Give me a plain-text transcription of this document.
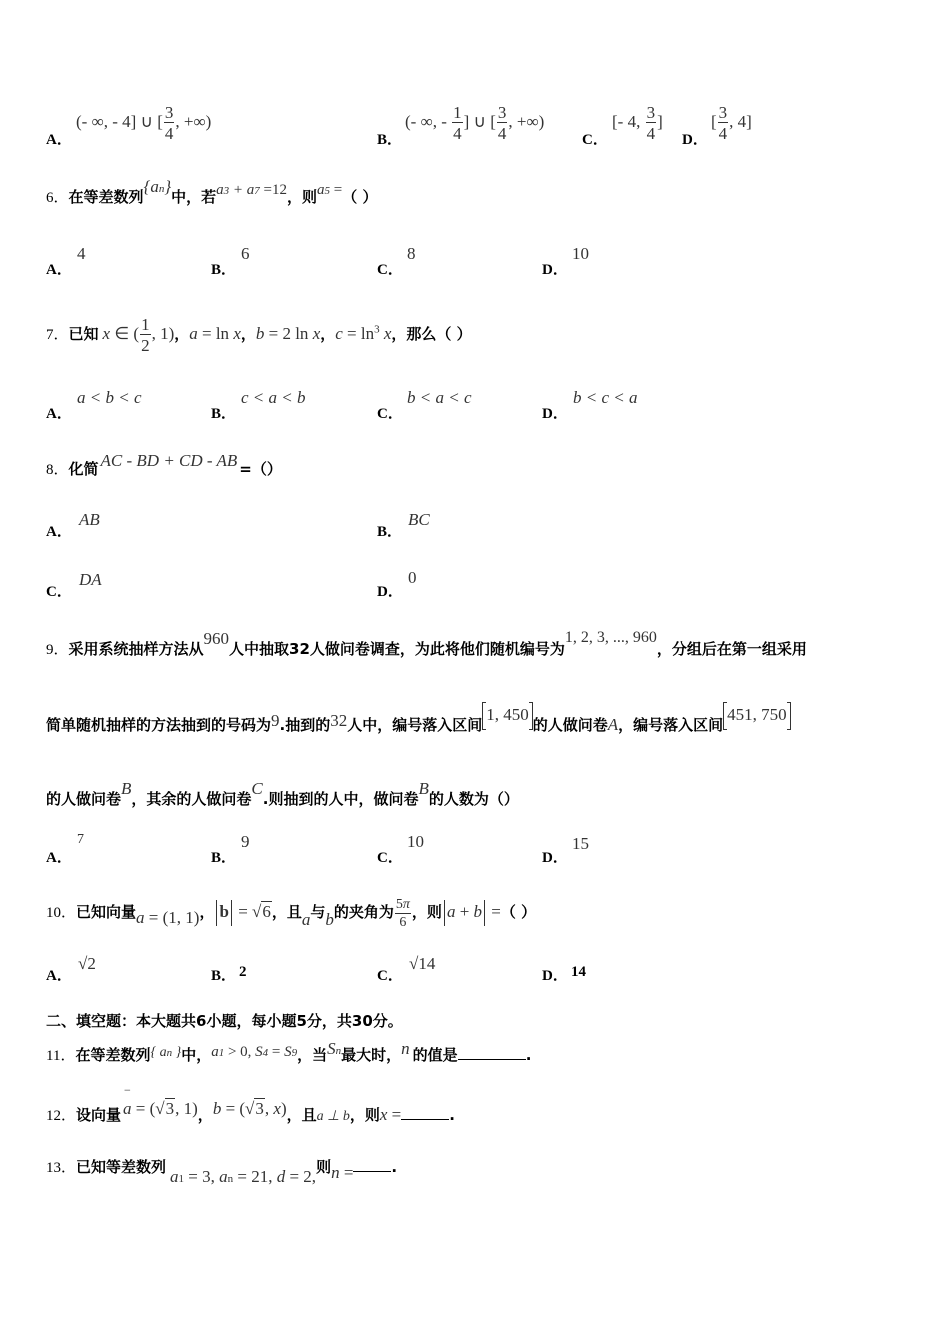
A．
(- ∞, - 4] ∪ [ $\frac{3}{4}$ , +∞)
B．
(- ∞, - $\frac{1}{4}$ ] ∪ [ $\frac{3}{4}$ , +∞)
C．
[- 4, $\frac{3}{4}$ ]
D．
[ $\frac{3}{4}$ , 4]
6．在等差数列{an}中，若a3 + a7 =12，则a5 =（ ）
A．
4
B．
6
C．
8
D．
10
7．已知 x ∈ ( $\frac{1}{2}$ , 1)，a = ln x，b = 2 ln x，$c = \ln^3 x$，那么（ ）
A．
a < b < c
B．
c < a < b
C．
b < a < c
D．
b < c < a
8．化简 AC - BD + CD - AB =（）
A．
AB
B．
BC
C．
DA
D．
0
9．采用系统抽样方法从960人中抽取32人做问卷调查，为此将他们随机编号为1, 2, 3, ..., 960，分组后在第一组采用
简单随机抽样的方法抽到的号码为9.抽到的32人中，编号落入区间1, 450的人做问卷A，编号落入区间451, 750
的人做问卷B，其余的人做问卷C.则抽到的人中，做问卷B的人数为（）
A．
7
B．
9
C．
10
D．
15
10．已知向量a = (1, 1)， b = √6，且a与b的夹角为 $\frac{5\pi}{6}$ ，则 a + b =（ ）
A．
√2
B． 2	C．
√14
D． 14
二、填空题：本大题共6小题，每小题5分，共30分。
11．在等差数列{ an }中，a1 > 0, S4 = S9，当Sn最大时，n 的值是	.
12．设向量
−
a = (√3, 1)，b = (√3, x)，且a ⊥ b，则x =	.
13．已知等差数列 a1 = 3, an = 21, d = 2,则n =	.
